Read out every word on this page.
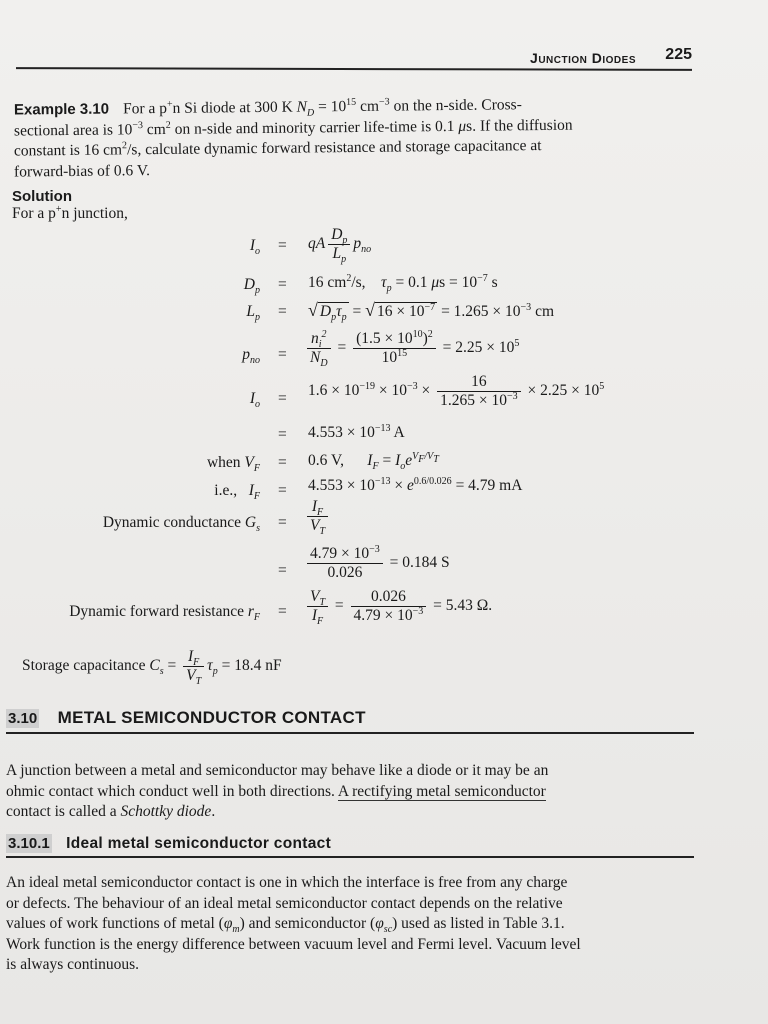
Junction Diodes 225
Example 3.10 For a p+n Si diode at 300 K $N_D = 10^{15}$ $cm^{-3}$ on the n-side. Cross-
sectional area is $10^{-3}$ $cm^2$ on n-side and minority carrier life-time is 0.1 μs. If the diffusion
constant is 16 $cm^2/s$, calculate dynamic forward resistance and storage capacitance at
forward-bias of 0.6 V.
Solution
For a p+n junction,
$I_o$ = qA $\frac{D_p}{L_p} p_{no}$
$D_p = 16$ $cm^2/s$,    $\tau_p = 0.1$ $\mu s = 10^{-7}$ s
$L_p$ = √ $D_p\tau_p$ = √ $16 \times 10^{-7} = 1.265 \times 10^{-3}$ cm
$p_{no} = \frac{n_i^2}{N_D} = \frac{(1.5 \times 10^{10})^2}{10^{15}} = 2.25 \times 10^5$
$I_o = 1.6 \times 10^{-19} \times 10^{-3} \times \frac{16}{1.265 \times 10^{-3}} \times 2.25 \times 10^5$
= $4.553 \times 10^{-13}$ A
when $V_F = 0.6$ V,      $I_F = I_oe^{V_F/V_T}$
i.e.,   $I_F = 4.553 \times 10^{-13} \times e^{0.6/0.026} = 4.79$ mA
Dynamic conductance $G_s = \frac{I_F}{V_T}$
= $\frac{4.79 \times 10^{-3}}{0.026} = 0.184$ S
Dynamic forward resistance $r_F = \frac{V_T}{I_F} = \frac{0.026}{4.79 \times 10^{-3}} = 5.43$ Ω.
Storage capacitance $C_s = \frac{I_F}{V_T} \tau_p = 18.4$ nF
3.10 METAL SEMICONDUCTOR CONTACT
A junction between a metal and semiconductor may behave like a diode or it may be an
ohmic contact which conduct well in both directions. A rectifying metal semiconductor
contact is called a Schottky diode.
3.10.1 Ideal metal semiconductor contact
An ideal metal semiconductor contact is one in which the interface is free from any charge
or defects. The behaviour of an ideal metal semiconductor contact depends on the relative
values of work functions of metal $(\varphi_m)$ and semiconductor $(\varphi_{sc})$ used as listed in Table 3.1.
Work function is the energy difference between vacuum level and Fermi level. Vacuum level
is always continuous.
